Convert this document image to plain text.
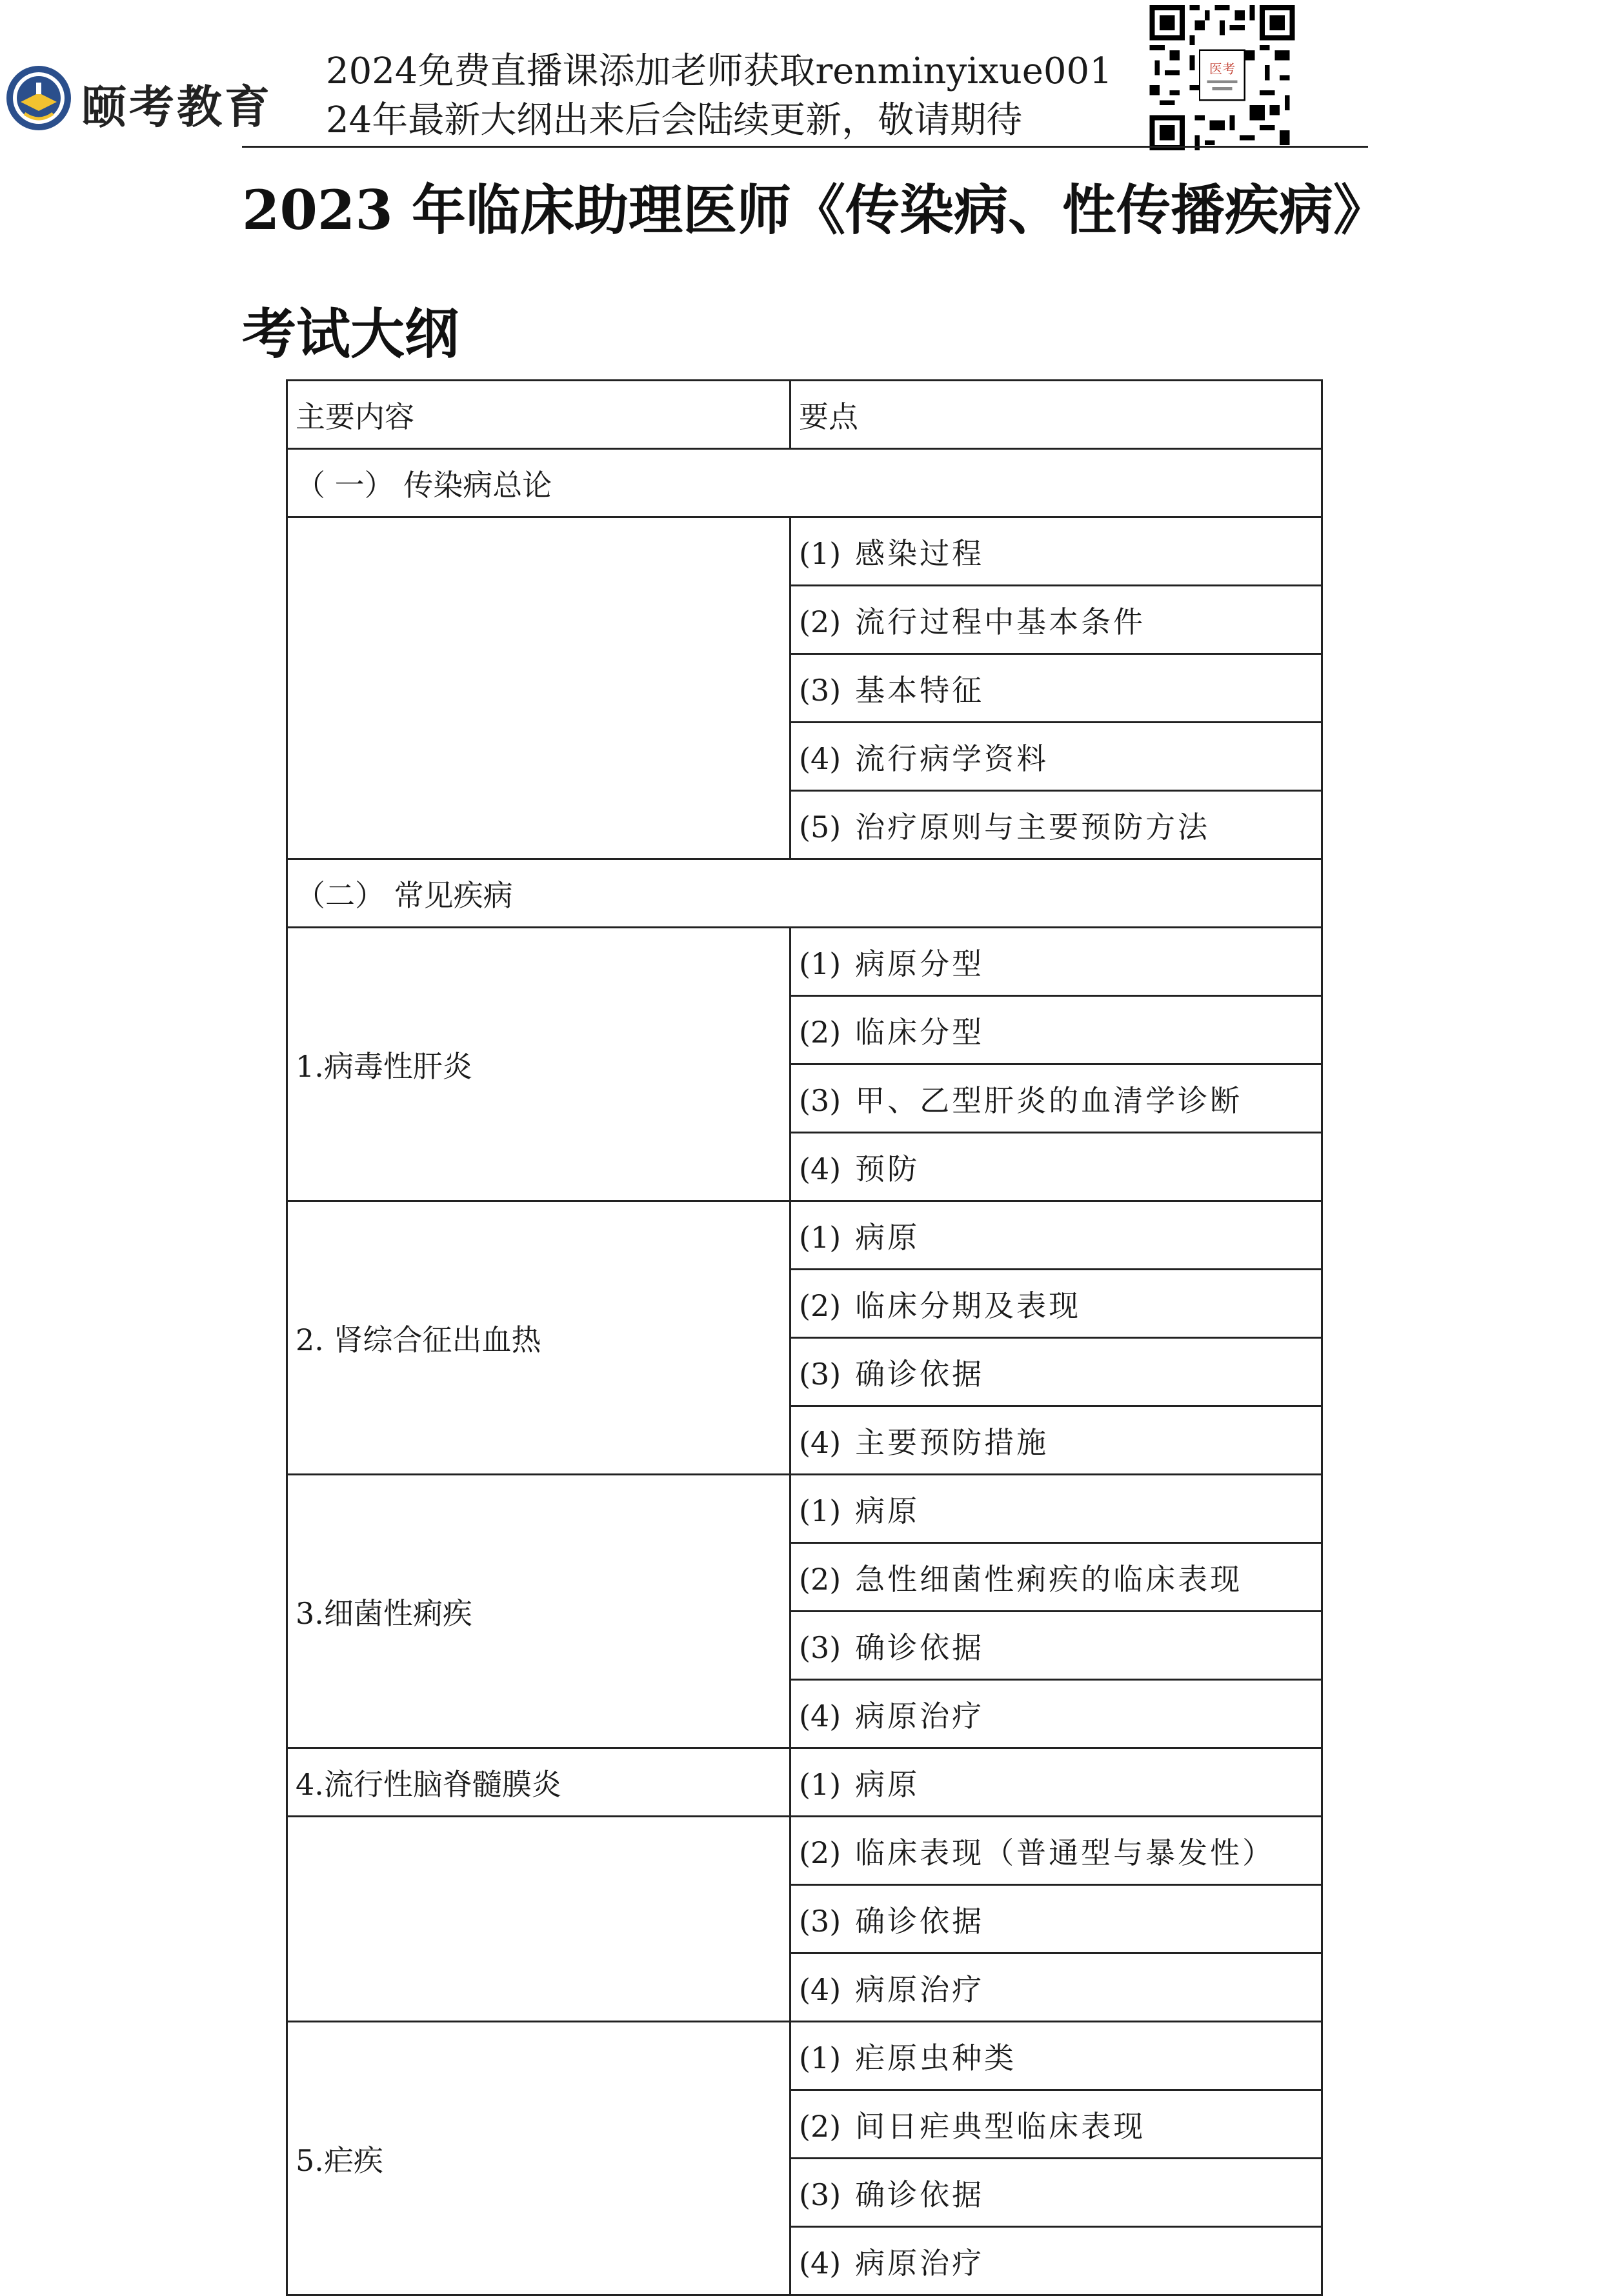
颐考教育
2024免费直播课添加老师获取renminyixue001
24年最新大纲出来后会陆续更新，敬请期待
医考
2023 年临床助理医师《传染病、性传播疾病》考试大纲
主要内容	要点
（ 一） 传染病总论	
	(1) 感染过程
	(2) 流行过程中基本条件
	(3) 基本特征
	(4) 流行病学资料
	(5) 治疗原则与主要预防方法
（二） 常见疾病	
1.病毒性肝炎	(1) 病原分型
	(2) 临床分型
	(3) 甲、乙型肝炎的血清学诊断
	(4) 预防
2. 肾综合征出血热	(1) 病原
	(2) 临床分期及表现
	(3) 确诊依据
	(4) 主要预防措施
3.细菌性痢疾	(1) 病原
	(2) 急性细菌性痢疾的临床表现
	(3) 确诊依据
	(4) 病原治疗
4.流行性脑脊髓膜炎	(1) 病原
	(2) 临床表现（普通型与暴发性）
	(3) 确诊依据
	(4) 病原治疗
5.疟疾	(1) 疟原虫种类
	(2) 间日疟典型临床表现
	(3) 确诊依据
	(4) 病原治疗
